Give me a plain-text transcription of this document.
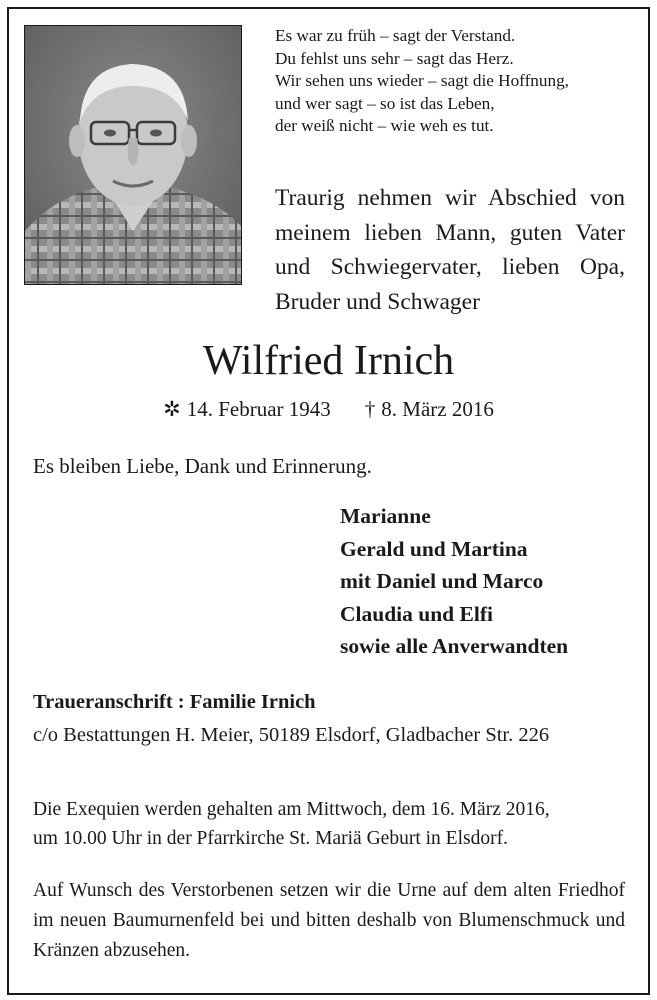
Es war zu früh – sagt der Verstand.
Du fehlst uns sehr – sagt das Herz.
Wir sehen uns wieder – sagt die Hoffnung,
und wer sagt – so ist das Leben,
der weiß nicht – wie weh es tut.
Traurig nehmen wir Abschied von meinem lieben Mann, guten Vater und Schwiegervater, lieben Opa, Bruder und Schwager
Wilfried Irnich
✲ 14. Februar 1943 † 8. März 2016
Es bleiben Liebe, Dank und Erinnerung.
Marianne
Gerald und Martina
mit Daniel und Marco
Claudia und Elfi
sowie alle Anverwandten
Traueranschrift : Familie Irnich
c/o Bestattungen H. Meier, 50189 Elsdorf, Gladbacher Str. 226
Die Exequien werden gehalten am Mittwoch, dem 16. März 2016,
um 10.00 Uhr in der Pfarrkirche St. Mariä Geburt in Elsdorf.
Auf Wunsch des Verstorbenen setzen wir die Urne auf dem alten Friedhof im neuen Baumurnenfeld bei und bitten deshalb von Blumenschmuck und Kränzen abzusehen.
